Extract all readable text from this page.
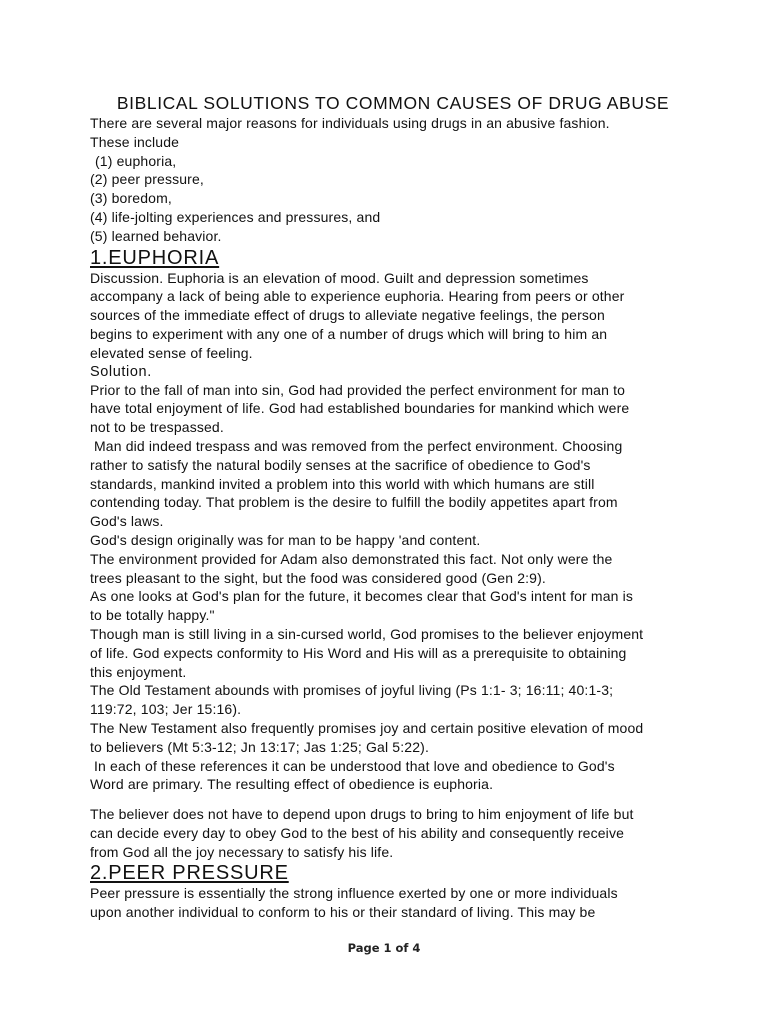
BIBLICAL SOLUTIONS TO COMMON CAUSES OF DRUG ABUSE

There are several major reasons for individuals using drugs in an abusive fashion.

These include

(1) euphoria,

(2) peer pressure,

(3) boredom,

(4) life-jolting experiences and pressures, and

(5) learned behavior.

1.EUPHORIA

Discussion. Euphoria is an elevation of mood. Guilt and depression sometimes

accompany a lack of being able to experience euphoria. Hearing from peers or other

sources of the immediate effect of drugs to alleviate negative feelings, the person

begins to experiment with any one of a number of drugs which will bring to him an

elevated sense of feeling.

Solution.

Prior to the fall of man into sin, God had provided the perfect environment for man to

have total enjoyment of life. God had established boundaries for mankind which were

not to be trespassed.

Man did indeed trespass and was removed from the perfect environment. Choosing

rather to satisfy the natural bodily senses at the sacrifice of obedience to God's

standards, mankind invited a problem into this world with which humans are still

contending today. That problem is the desire to fulfill the bodily appetites apart from

God's laws.

God's design originally was for man to be happy 'and content.

The environment provided for Adam also demonstrated this fact. Not only were the

trees pleasant to the sight, but the food was considered good (Gen 2:9).

As one looks at God's plan for the future, it becomes clear that God's intent for man is

to be totally happy."

Though man is still living in a sin-cursed world, God promises to the believer enjoyment

of life. God expects conformity to His Word and His will as a prerequisite to obtaining

this enjoyment.

The Old Testament abounds with promises of joyful living (Ps 1:1- 3; 16:11; 40:1-3;

119:72, 103; Jer 15:16).

The New Testament also frequently promises joy and certain positive elevation of mood

to believers (Mt 5:3-12; Jn 13:17; Jas 1:25; Gal 5:22).

In each of these references it can be understood that love and obedience to God's

Word are primary. The resulting effect of obedience is euphoria.

The believer does not have to depend upon drugs to bring to him enjoyment of life but

can decide every day to obey God to the best of his ability and consequently receive

from God all the joy necessary to satisfy his life.

2.PEER PRESSURE

Peer pressure is essentially the strong influence exerted by one or more individuals

upon another individual to conform to his or their standard of living. This may be

Page 1 of 4
